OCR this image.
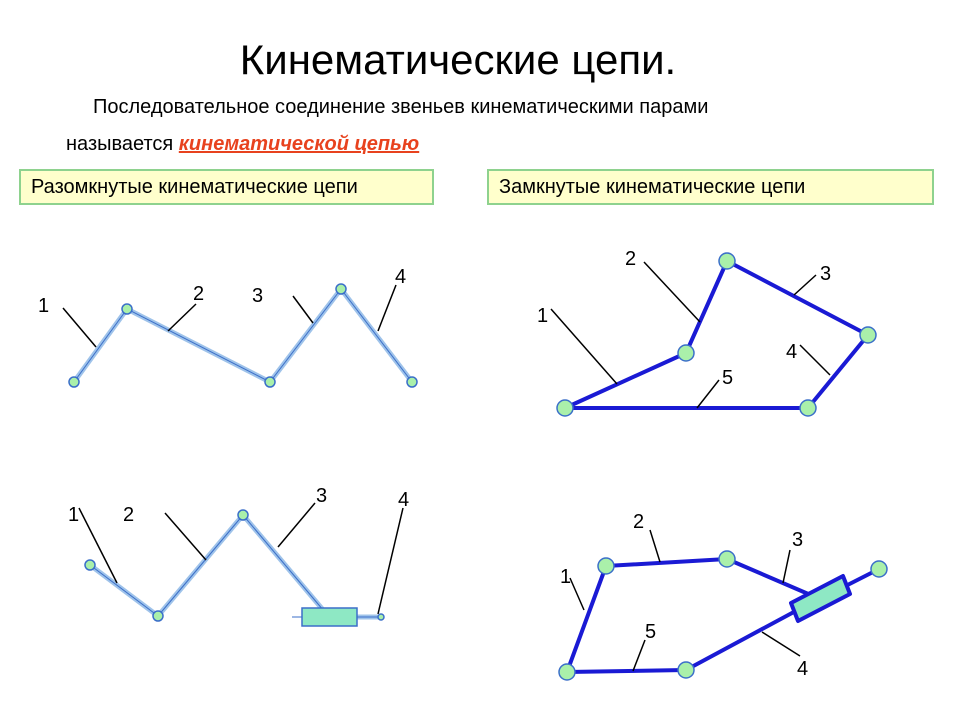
Кинематические цепи.
Последовательное соединение звеньев кинематическими парами
называется кинематической цепью
Разомкнутые кинематические цепи	Замкнутые кинематические цепи
1
2 3
4
1 2
3	4
1
2
3
4
5
1
2
3
4
5
